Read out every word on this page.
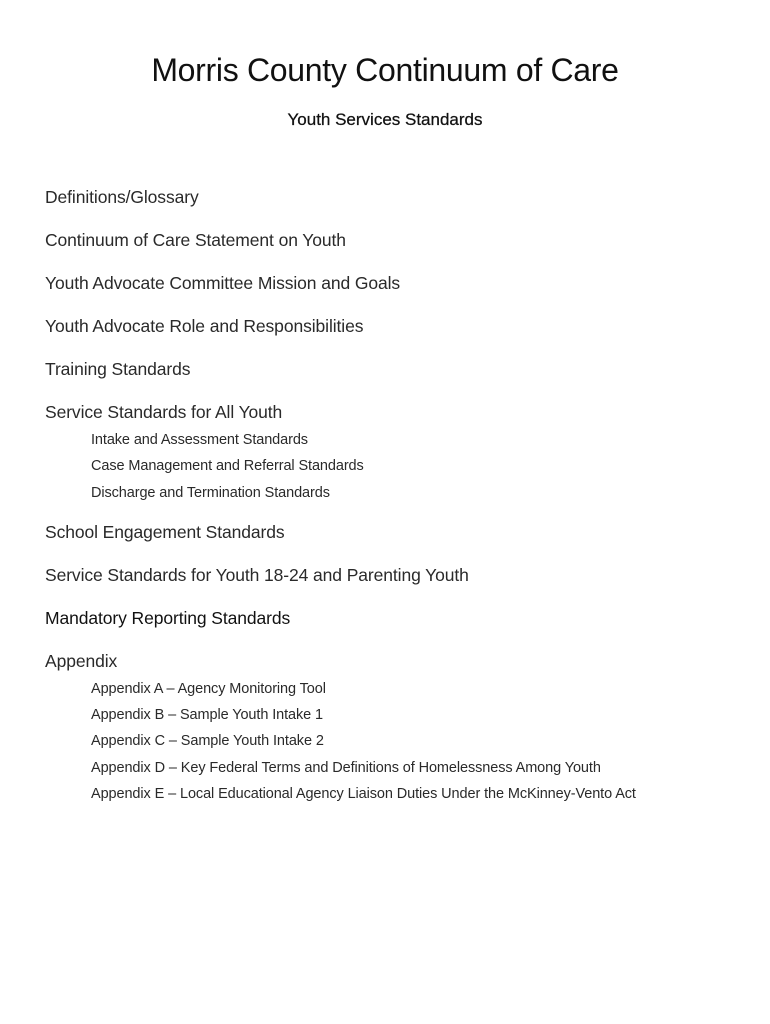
Morris County Continuum of Care
Youth Services Standards
Definitions/Glossary
Continuum of Care Statement on Youth
Youth Advocate Committee Mission and Goals
Youth Advocate Role and Responsibilities
Training Standards
Service Standards for All Youth
Intake and Assessment Standards
Case Management and Referral Standards
Discharge and Termination Standards
School Engagement Standards
Service Standards for Youth 18-24 and Parenting Youth
Mandatory Reporting Standards
Appendix
Appendix A – Agency Monitoring Tool
Appendix B – Sample Youth Intake 1
Appendix C – Sample Youth Intake 2
Appendix D – Key Federal Terms and Definitions of Homelessness Among Youth
Appendix E – Local Educational Agency Liaison Duties Under the McKinney-Vento Act
